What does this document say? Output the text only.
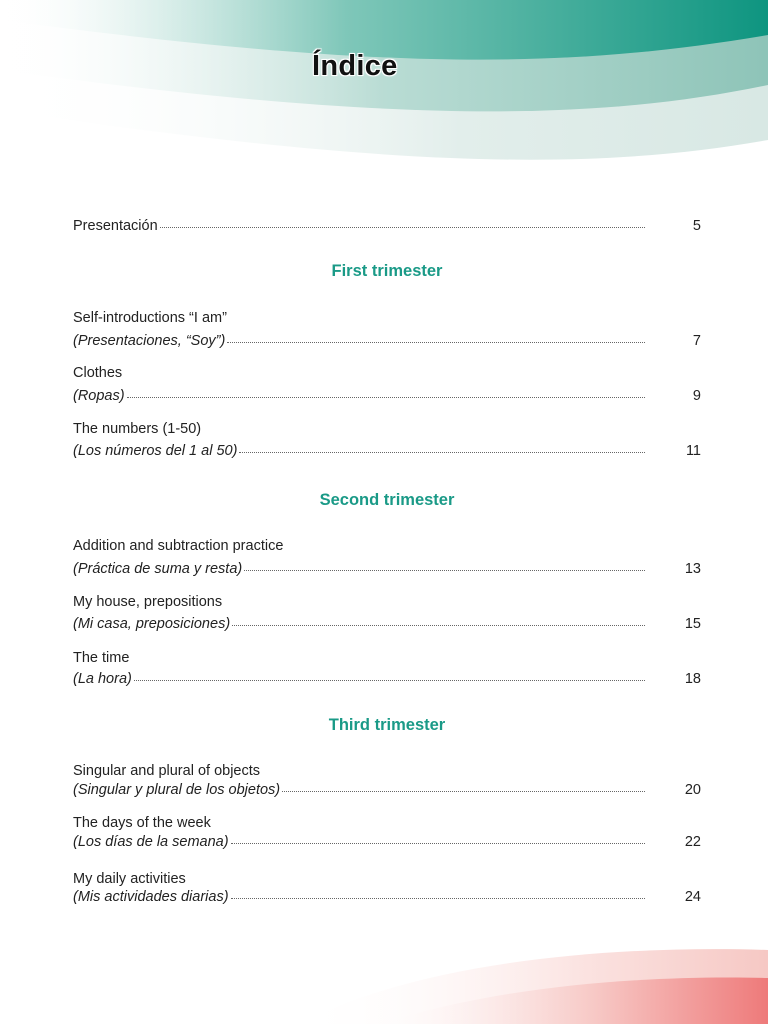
Índice
Presentación	5
First trimester
Self-introductions “I am”
(Presentaciones, “Soy”)	7
Clothes
(Ropas)	9
The numbers (1-50)
(Los números del 1 al 50)	11
Second trimester
Addition and subtraction practice
(Práctica de suma y resta)	13
My house, prepositions
(Mi casa, preposiciones)	15
The time
(La hora)	18
Third trimester
Singular and plural of objects
(Singular y plural de los objetos)	20
The days of the week
(Los días de la semana)	22
My daily activities
(Mis actividades diarias)	24
